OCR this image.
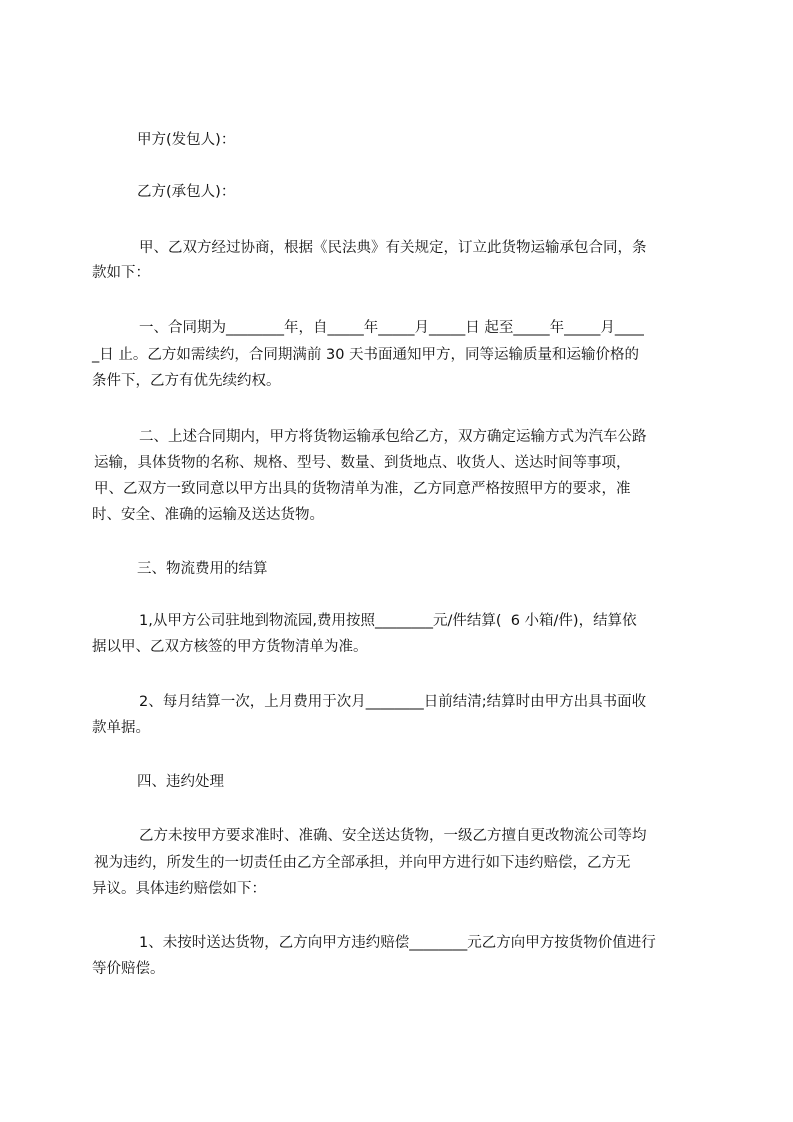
甲方(发包人)：
乙方(承包人)：
甲、乙双方经过协商，根据《民法典》有关规定，订立此货物运输承包合同，条
款如下：
一、合同期为________年，自_____年_____月_____日 起至_____年_____月____
_日 止。乙方如需续约，合同期满前 30 天书面通知甲方，同等运输质量和运输价格的
条件下，乙方有优先续约权。
二、上述合同期内，甲方将货物运输承包给乙方，双方确定运输方式为汽车公路
运输，具体货物的名称、规格、型号、数量、到货地点、收货人、送达时间等事项，
甲、乙双方一致同意以甲方出具的货物清单为准，乙方同意严格按照甲方的要求，准
时、安全、准确的运输及送达货物。
三、物流费用的结算
1,从甲方公司驻地到物流园,费用按照________元/件结算(  6 小箱/件)，结算依
据以甲、乙双方核签的甲方货物清单为准。
2、每月结算一次，上月费用于次月________日前结清;结算时由甲方出具书面收
款单据。
四、违约处理
乙方未按甲方要求准时、准确、安全送达货物，一级乙方擅自更改物流公司等均
视为违约，所发生的一切责任由乙方全部承担，并向甲方进行如下违约赔偿，乙方无
异议。具体违约赔偿如下：
1、未按时送达货物，乙方向甲方违约赔偿________元乙方向甲方按货物价值进行
等价赔偿。
